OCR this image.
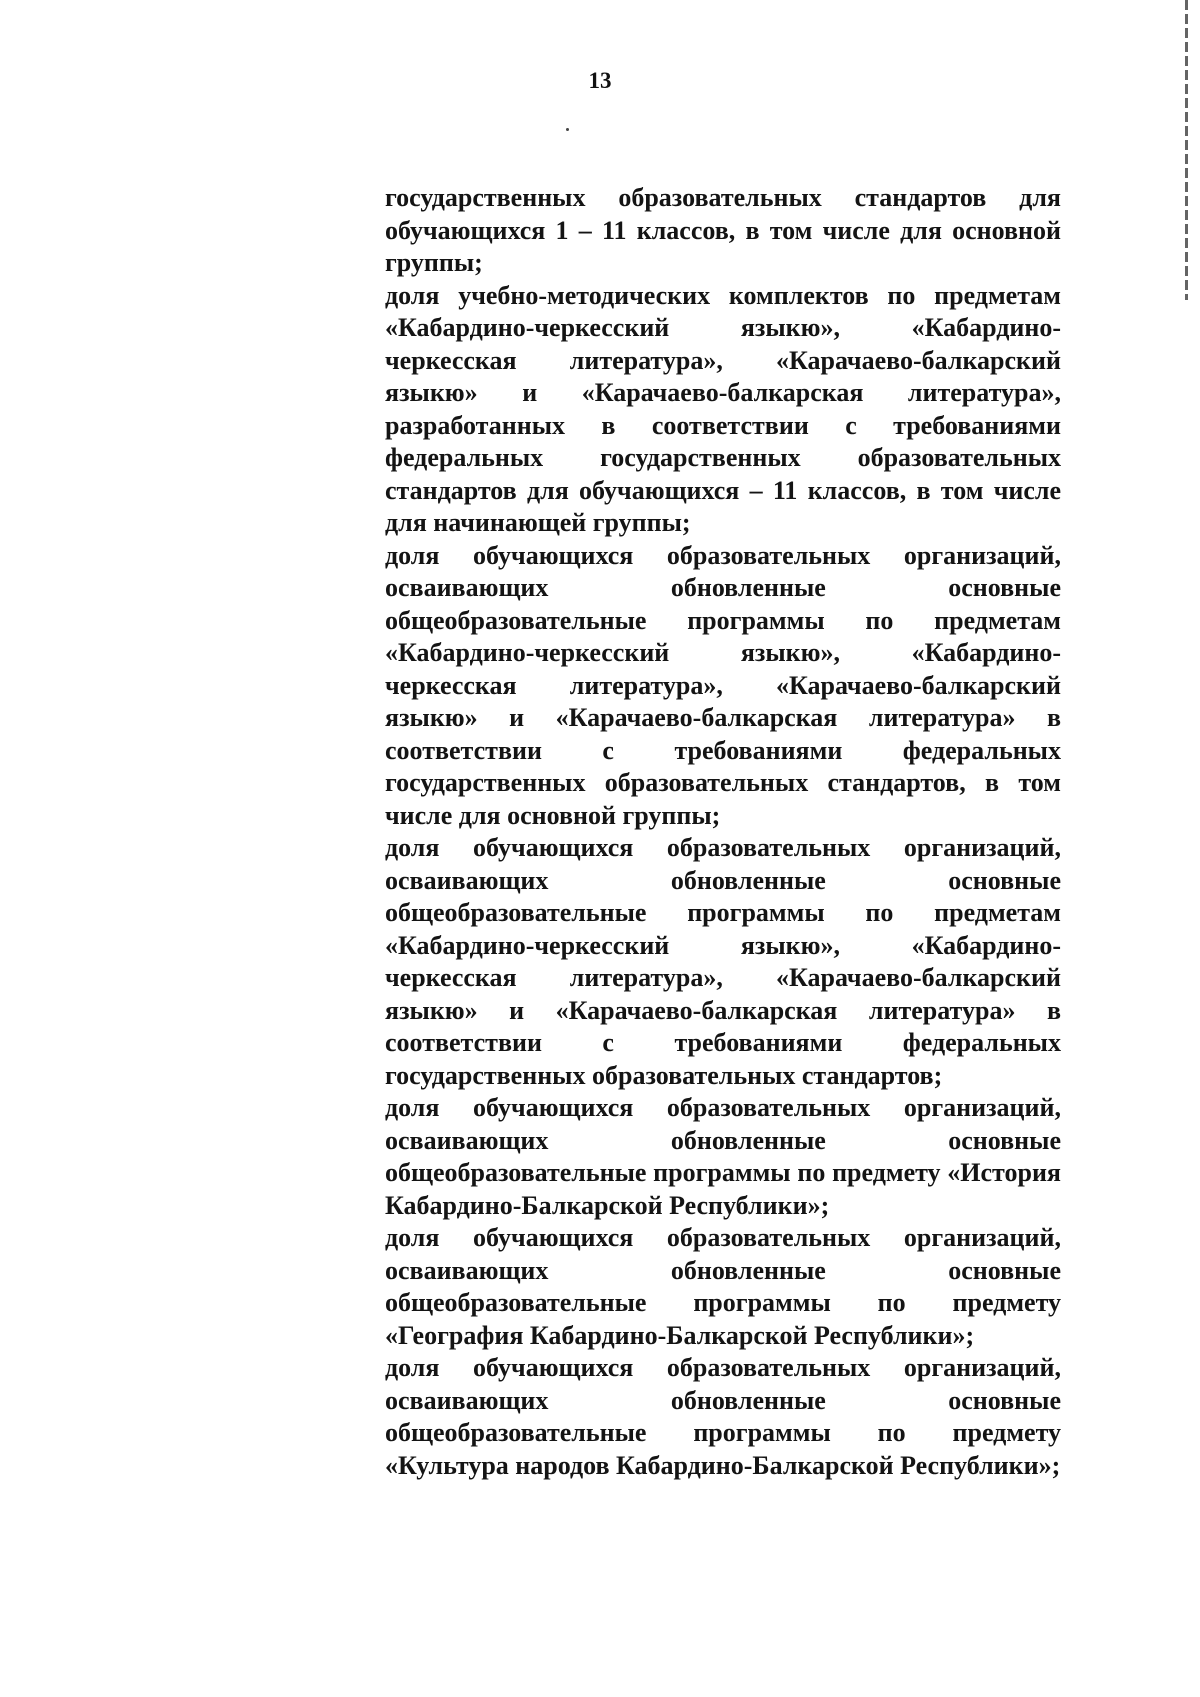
13

государственных образовательных стандартов для обучающихся 1 – 11 классов, в том числе для основной группы;

доля учебно-методических комплектов по предметам «Кабардино-черкесский языкю», «Кабардино-черкесская литература», «Карачаево-балкарский языкю» и «Карачаево-балкарская литература», разработанных в соответствии с требованиями федеральных государственных образовательных стандартов для обучающихся – 11 классов, в том числе для начинающей группы;

доля обучающихся образовательных организаций, осваивающих обновленные основные общеобразовательные программы по предметам «Кабардино-черкесский языкю», «Кабардино-черкесская литература», «Карачаево-балкарский языкю» и «Карачаево-балкарская литература» в соответствии с требованиями федеральных государственных образовательных стандартов, в том числе для основной группы;

доля обучающихся образовательных организаций, осваивающих обновленные основные общеобразовательные программы по предметам «Кабардино-черкесский языкю», «Кабардино-черкесская литература», «Карачаево-балкарский языкю» и «Карачаево-балкарская литература» в соответствии с требованиями федеральных государственных образовательных стандартов;

доля обучающихся образовательных организаций, осваивающих обновленные основные общеобразовательные программы по предмету «История Кабардино-Балкарской Республики»;

доля обучающихся образовательных организаций, осваивающих обновленные основные общеобразовательные программы по предмету «География Кабардино-Балкарской Республики»;

доля обучающихся образовательных организаций, осваивающих обновленные основные общеобразовательные программы по предмету «Культура народов Кабардино-Балкарской Республики»;
